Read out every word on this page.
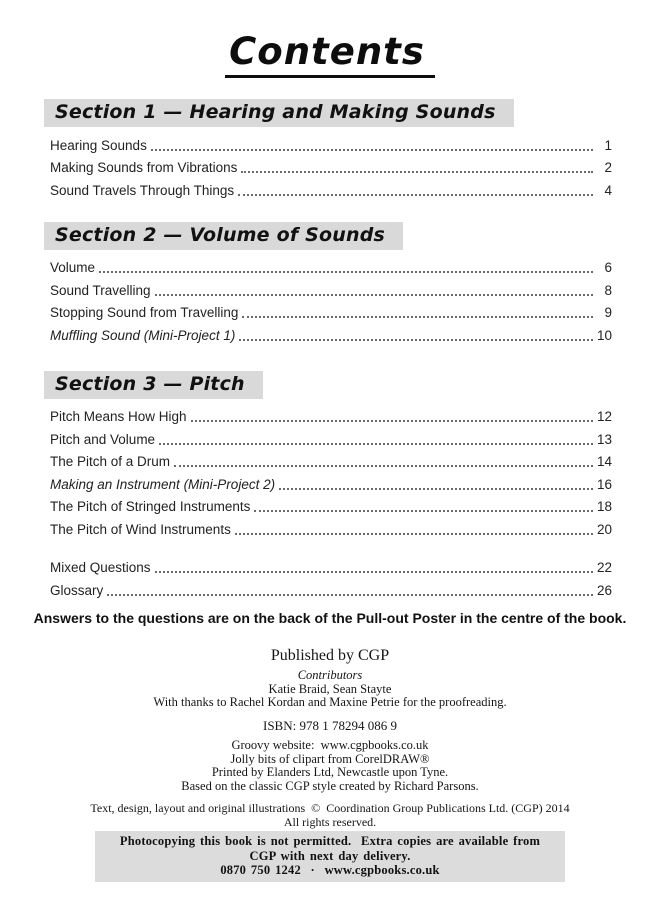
Contents
Section 1 — Hearing and Making Sounds
Hearing Sounds	1
Making Sounds from Vibrations	2
Sound Travels Through Things	4
Section 2 — Volume of Sounds
Volume	6
Sound Travelling	8
Stopping Sound from Travelling	9
Muffling Sound (Mini-Project 1)	10
Section 3 — Pitch
Pitch Means How High	12
Pitch and Volume	13
The Pitch of a Drum	14
Making an Instrument (Mini-Project 2)	16
The Pitch of Stringed Instruments	18
The Pitch of Wind Instruments	20
Mixed Questions	22
Glossary	26

Answers to the questions are on the back of the Pull-out Poster in the centre of the book.

Published by CGP
Contributors
Katie Braid, Sean Stayte
With thanks to Rachel Kordan and Maxine Petrie for the proofreading.
ISBN: 978 1 78294 086 9
Groovy website:  www.cgpbooks.co.uk
Jolly bits of clipart from CorelDRAW®
Printed by Elanders Ltd, Newcastle upon Tyne.
Based on the classic CGP style created by Richard Parsons.
Text, design, layout and original illustrations  ©  Coordination Group Publications Ltd. (CGP) 2014
All rights reserved.
Photocopying this book is not permitted.  Extra copies are available from CGP with next day delivery.
0870 750 1242  ·  www.cgpbooks.co.uk
